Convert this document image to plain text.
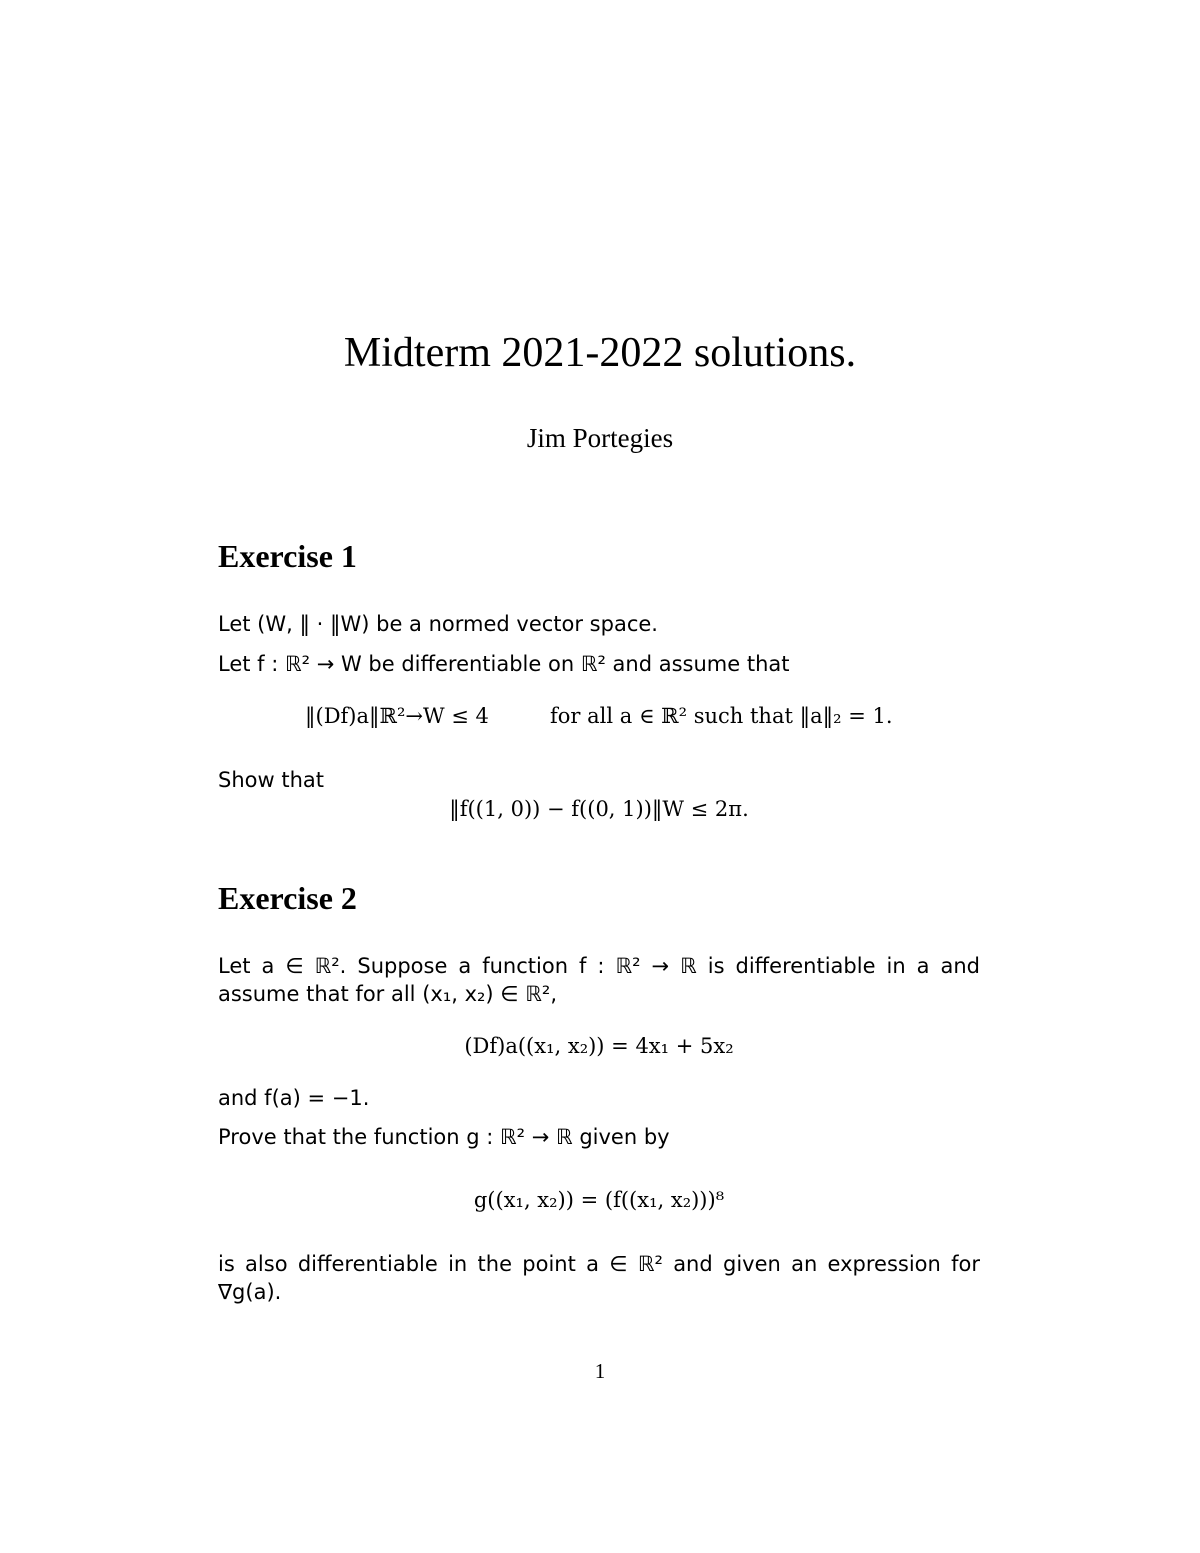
Midterm 2021-2022 solutions.
Jim Portegies
Exercise 1
Let (W, ‖ · ‖W) be a normed vector space.
Let f : ℝ² → W be differentiable on ℝ² and assume that
‖(Df)a‖ℝ²→W ≤ 4	for all a ∈ ℝ² such that ‖a‖₂ = 1.
Show that
‖f((1, 0)) − f((0, 1))‖W ≤ 2π.
Exercise 2
Let a ∈ ℝ². Suppose a function f : ℝ² → ℝ is differentiable in a and assume that for all (x₁, x₂) ∈ ℝ²,
(Df)a((x₁, x₂)) = 4x₁ + 5x₂
and f(a) = −1.
Prove that the function g : ℝ² → ℝ given by
g((x₁, x₂)) = (f((x₁, x₂)))⁸
is also differentiable in the point a ∈ ℝ² and given an expression for ∇g(a).
1
